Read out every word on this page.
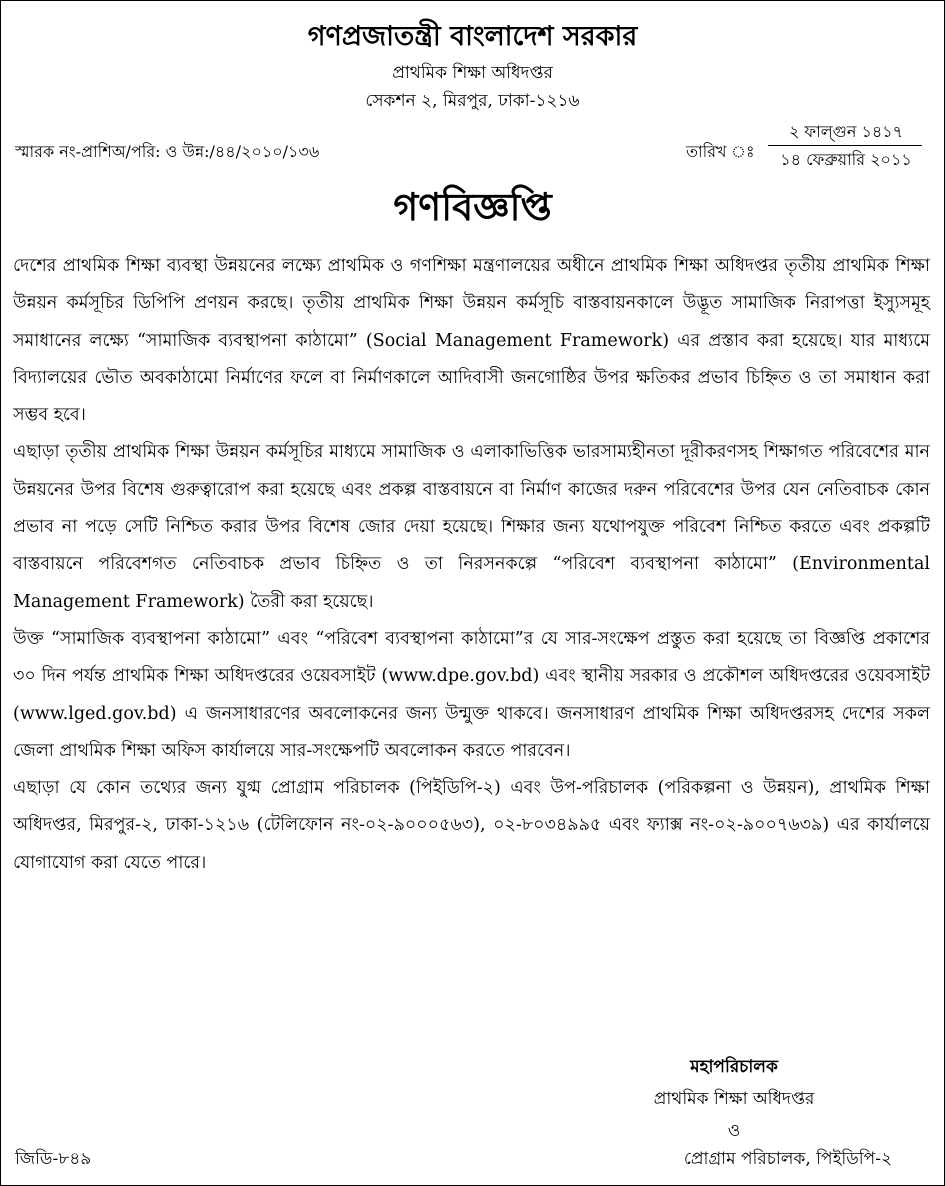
গণপ্রজাতন্ত্রী বাংলাদেশ সরকার
প্রাথমিক শিক্ষা অধিদপ্তর
সেকশন ২, মিরপুর, ঢাকা-১২১৬
স্মারক নং-প্রাশিঅ/পরি: ও উন্ন:/৪৪/২০১০/১৩৬	তারিখ ঃ
২ ফাল্গুন ১৪১৭
১৪ ফেব্রুয়ারি ২০১১
গণবিজ্ঞপ্তি

দেশের প্রাথমিক শিক্ষা ব্যবস্থা উন্নয়নের লক্ষ্যে প্রাথমিক ও গণশিক্ষা মন্ত্রণালয়ের অধীনে প্রাথমিক শিক্ষা অধিদপ্তর তৃতীয় প্রাথমিক শিক্ষা উন্নয়ন কর্মসূচির ডিপিপি প্রণয়ন করছে। তৃতীয় প্রাথমিক শিক্ষা উন্নয়ন কর্মসূচি বাস্তবায়নকালে উদ্ভূত সামাজিক নিরাপত্তা ইস্যুসমূহ সমাধানের লক্ষ্যে “সামাজিক ব্যবস্থাপনা কাঠামো” (Social Management Framework) এর প্রস্তাব করা হয়েছে। যার মাধ্যমে বিদ্যালয়ের ভৌত অবকাঠামো নির্মাণের ফলে বা নির্মাণকালে আদিবাসী জনগোষ্ঠির উপর ক্ষতিকর প্রভাব চিহ্নিত ও তা সমাধান করা সম্ভব হবে।

এছাড়া তৃতীয় প্রাথমিক শিক্ষা উন্নয়ন কর্মসূচির মাধ্যমে সামাজিক ও এলাকাভিত্তিক ভারসাম্যহীনতা দূরীকরণসহ শিক্ষাগত পরিবেশের মান উন্নয়নের উপর বিশেষ গুরুত্বারোপ করা হয়েছে এবং প্রকল্প বাস্তবায়নে বা নির্মাণ কাজের দরুন পরিবেশের উপর যেন নেতিবাচক কোন প্রভাব না পড়ে সেটি নিশ্চিত করার উপর বিশেষ জোর দেয়া হয়েছে। শিক্ষার জন্য যথোপযুক্ত পরিবেশ নিশ্চিত করতে এবং প্রকল্পটি বাস্তবায়নে পরিবেশগত নেতিবাচক প্রভাব চিহ্নিত ও তা নিরসনকল্পে “পরিবেশ ব্যবস্থাপনা কাঠামো” (Environmental Management Framework) তৈরী করা হয়েছে।

উক্ত “সামাজিক ব্যবস্থাপনা কাঠামো” এবং “পরিবেশ ব্যবস্থাপনা কাঠামো”র যে সার-সংক্ষেপ প্রস্তুত করা হয়েছে তা বিজ্ঞপ্তি প্রকাশের ৩০ দিন পর্যন্ত প্রাথমিক শিক্ষা অধিদপ্তরের ওয়েবসাইট (www.dpe.gov.bd) এবং স্থানীয় সরকার ও প্রকৌশল অধিদপ্তরের ওয়েবসাইট (www.lged.gov.bd) এ জনসাধারণের অবলোকনের জন্য উন্মুক্ত থাকবে। জনসাধারণ প্রাথমিক শিক্ষা অধিদপ্তরসহ দেশের সকল জেলা প্রাথমিক শিক্ষা অফিস কার্যালয়ে সার-সংক্ষেপটি অবলোকন করতে পারবেন।

এছাড়া যে কোন তথ্যের জন্য যুগ্ম প্রোগ্রাম পরিচালক (পিইডিপি-২) এবং উপ-পরিচালক (পরিকল্পনা ও উন্নয়ন), প্রাথমিক শিক্ষা অধিদপ্তর, মিরপুর-২, ঢাকা-১২১৬ (টেলিফোন নং-০২-৯০০০৫৬৩), ০২-৮০৩৪৯৯৫ এবং ফ্যাক্স নং-০২-৯০০৭৬৩৯) এর কার্যালয়ে যোগাযোগ করা যেতে পারে।

মহাপরিচালক
প্রাথমিক শিক্ষা অধিদপ্তর
ও
জিডি-৮৪৯	প্রোগ্রাম পরিচালক, পিইডিপি-২
